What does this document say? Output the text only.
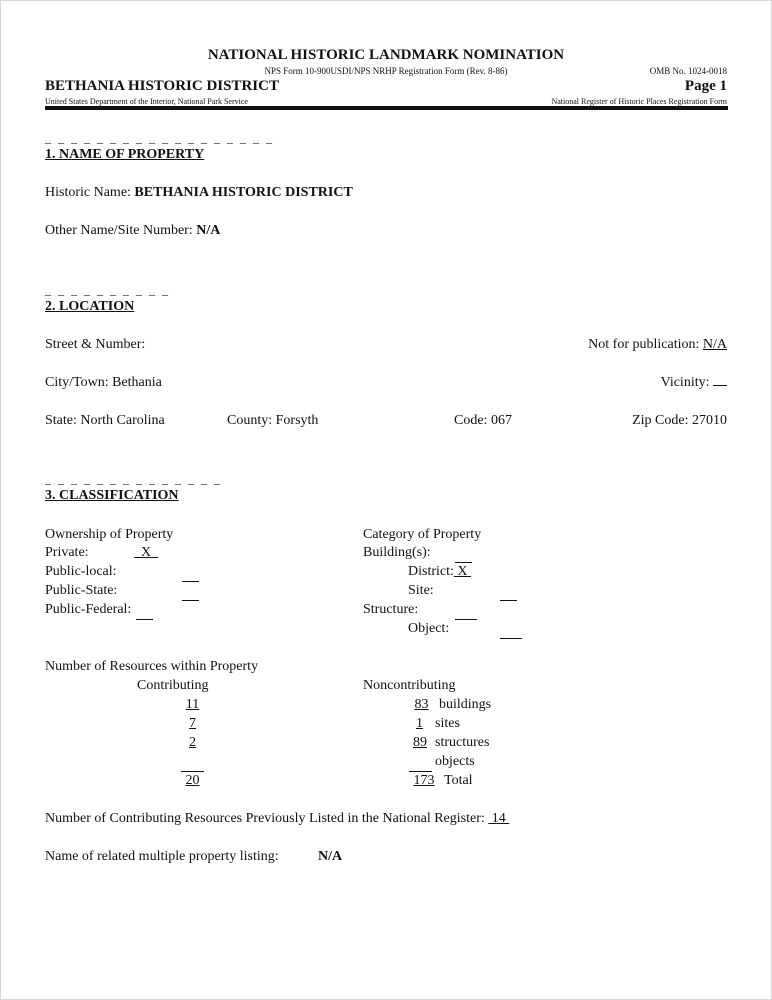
NATIONAL HISTORIC LANDMARK NOMINATION
NPS Form 10-900USDI/NPS NRHP Registration Form (Rev. 8-86)	OMB No. 1024-0018
BETHANIA HISTORIC DISTRICT	Page 1
United States Department of the Interior, National Park Service	National Register of Historic Places Registration Form
_ _ _ _ _ _ _ _ _ _ _ _ _ _ _ _ _ _
1. NAME OF PROPERTY
Historic Name: BETHANIA HISTORIC DISTRICT
Other Name/Site Number: N/A
_ _ _ _ _ _ _ _ _ _
2. LOCATION
Street & Number:	Not for publication: N/A
City/Town: Bethania	Vicinity:
State: North Carolina	County: Forsyth	Code: 067	Zip Code: 27010
_ _ _ _ _ _ _ _ _ _ _ _ _ _
3. CLASSIFICATION
Ownership of Property
Private:	X
Public-local:
Public-State:
Public-Federal:
Category of Property
Building(s):
District: X
Site:
Structure:
Object:
Number of Resources within Property
Contributing	Noncontributing
11	83 buildings
7	1 sites
2	89 structures
objects
20	173 Total
Number of Contributing Resources Previously Listed in the National Register:  14
Name of related multiple property listing:	N/A
